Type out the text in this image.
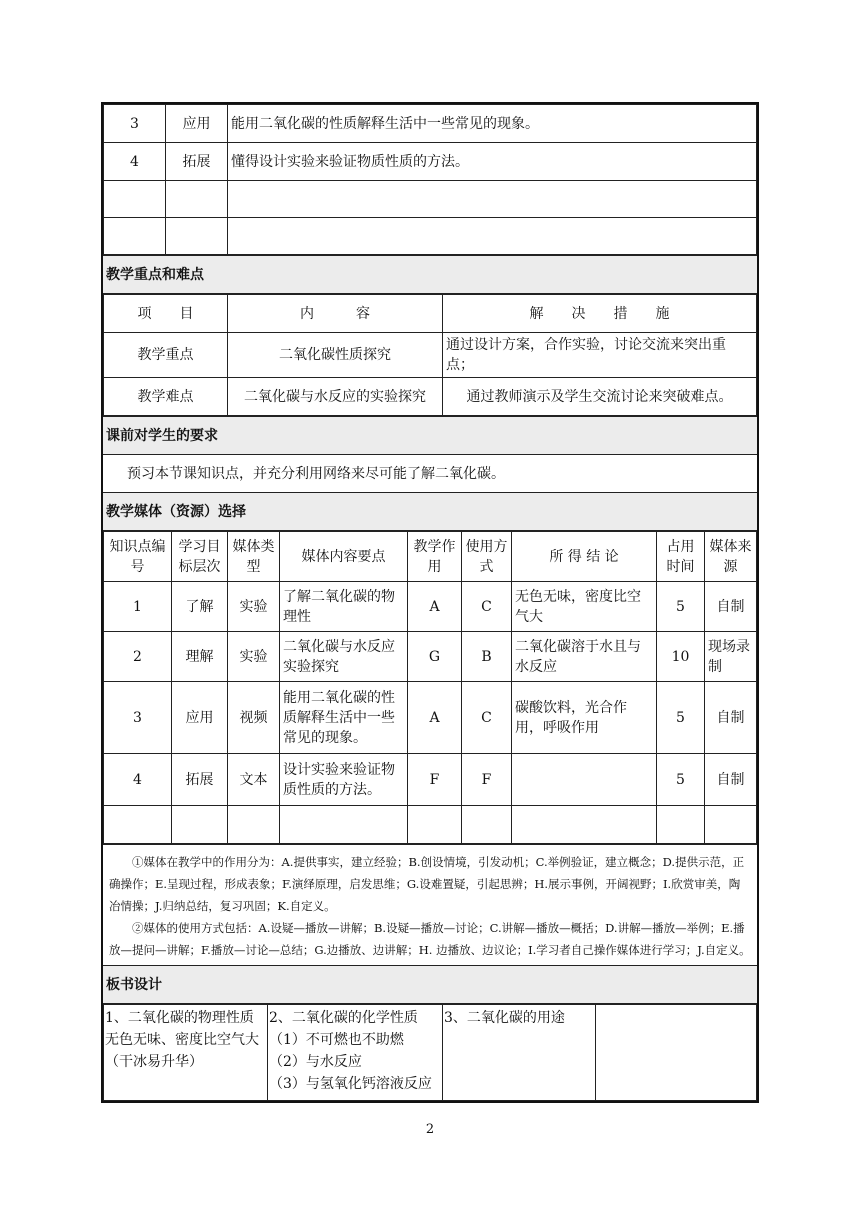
3	应用	能用二氧化碳的性质解释生活中一些常见的现象。
4	拓展	懂得设计实验来验证物质性质的方法。

教学重点和难点

项　　目	内　　　容	解　　决　　措　　施
教学重点	二氧化碳性质探究	通过设计方案，合作实验，讨论交流来突出重点；
教学难点	二氧化碳与水反应的实验探究	通过教师演示及学生交流讨论来突破难点。

课前对学生的要求
预习本节课知识点，并充分利用网络来尽可能了解二氧化碳。
教学媒体（资源）选择

知识点编　号	学习目标层次	媒体类型	媒体内容要点	教学作用	使用方式	所 得 结 论	占用时间	媒体来源
1	了解	实验	了解二氧化碳的物理性	A	C	无色无味，密度比空气大	5	自制
2	理解	实验	二氧化碳与水反应实验探究	G	B	二氧化碳溶于水且与水反应	10	现场录制
3	应用	视频	能用二氧化碳的性质解释生活中一些常见的现象。	A	C	碳酸饮料，光合作用，呼吸作用	5	自制
4	拓展	文本	设计实验来验证物质性质的方法。	F	F		5	自制

①媒体在教学中的作用分为：A.提供事实，建立经验；B.创设情境，引发动机；C.举例验证，建立概念；D.提供示范，正确操作；E.呈现过程，形成表象；F.演绎原理，启发思维；G.设难置疑，引起思辨；H.展示事例，开阔视野；I.欣赏审美，陶冶情操；J.归纳总结，复习巩固；K.自定义。

②媒体的使用方式包括：A.设疑—播放—讲解；B.设疑—播放—讨论；C.讲解—播放—概括；D.讲解—播放—举例；E.播放—提问—讲解；F.播放—讨论—总结；G.边播放、边讲解；H. 边播放、边议论；I.学习者自己操作媒体进行学习；J.自定义。

板书设计

1、二氧化碳的物理性质
无色无味、密度比空气大
（干冰易升华）

2、二氧化碳的化学性质
（1）不可燃也不助燃
（2）与水反应
（3）与氢氧化钙溶液反应

3、二氧化碳的用途

2
